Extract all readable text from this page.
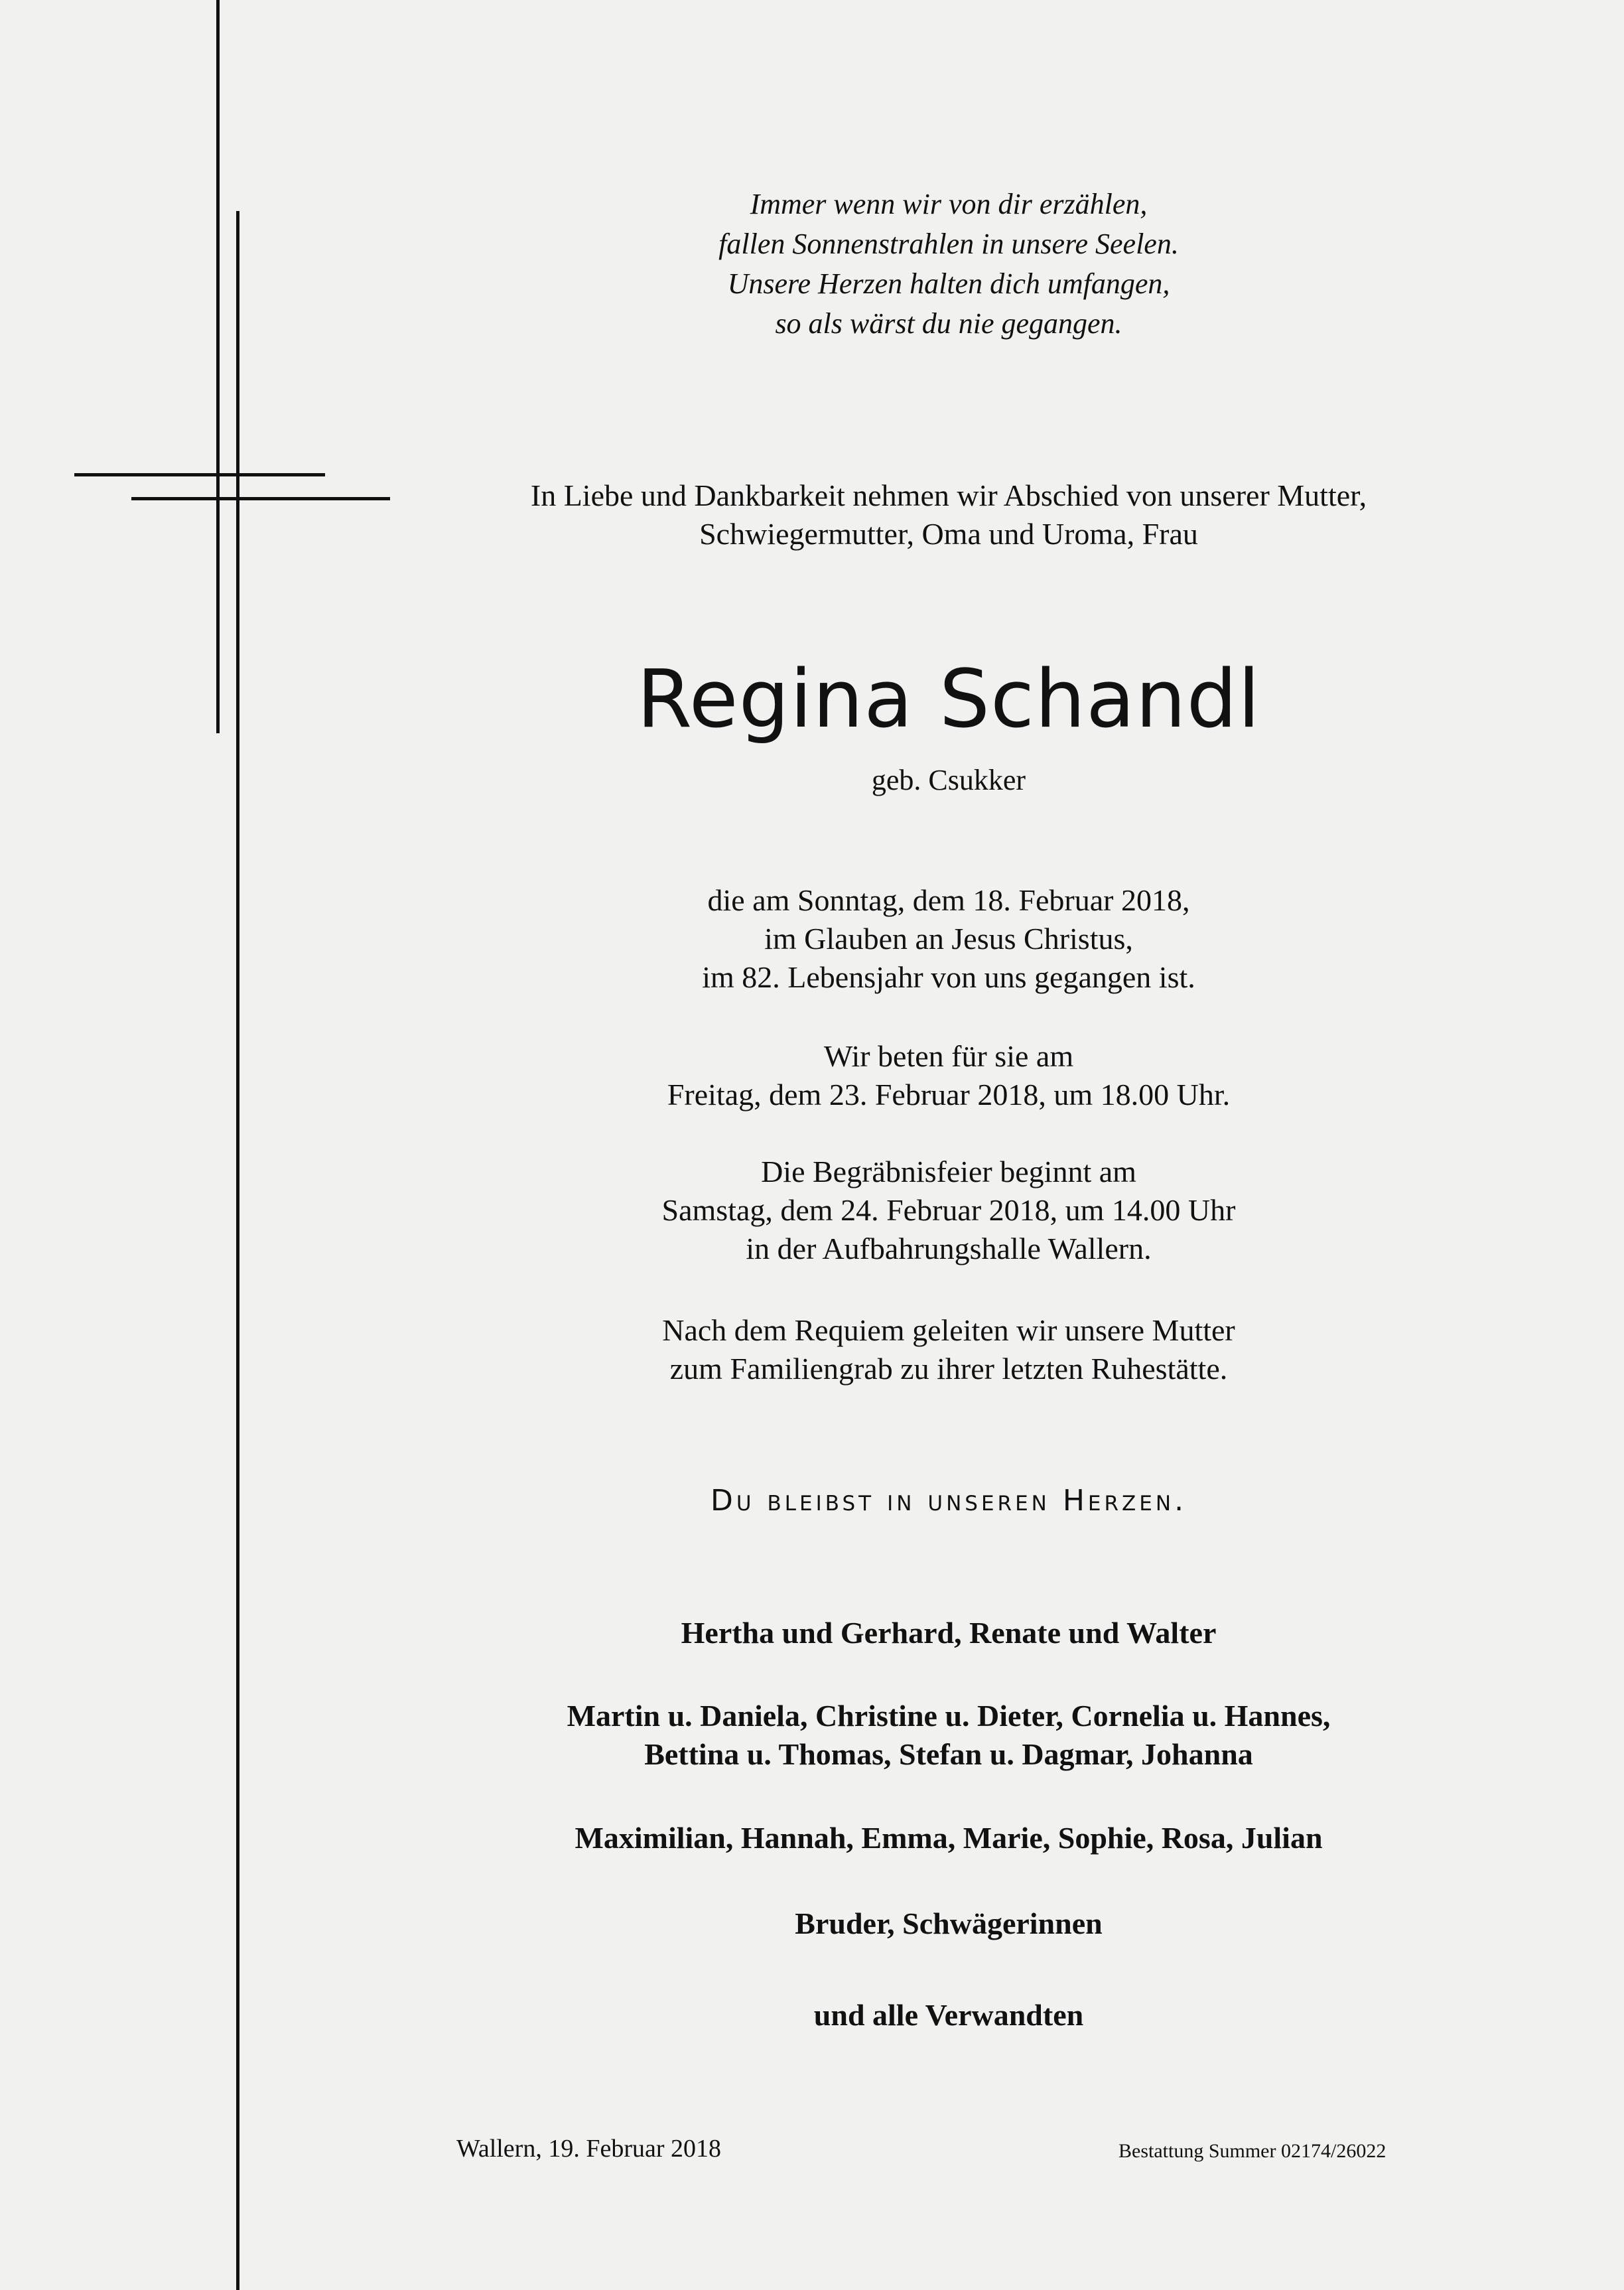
Immer wenn wir von dir erzählen,
fallen Sonnenstrahlen in unsere Seelen.
Unsere Herzen halten dich umfangen,
so als wärst du nie gegangen.
In Liebe und Dankbarkeit nehmen wir Abschied von unserer Mutter,
Schwiegermutter, Oma und Uroma, Frau
Regina Schandl
geb. Csukker
die am Sonntag, dem 18. Februar 2018,
im Glauben an Jesus Christus,
im 82. Lebensjahr von uns gegangen ist.
Wir beten für sie am
Freitag, dem 23. Februar 2018, um 18.00 Uhr.
Die Begräbnisfeier beginnt am
Samstag, dem 24. Februar 2018, um 14.00 Uhr
in der Aufbahrungshalle Wallern.
Nach dem Requiem geleiten wir unsere Mutter
zum Familiengrab zu ihrer letzten Ruhestätte.
Du bleibst in unseren Herzen.
Hertha und Gerhard, Renate und Walter
Martin u. Daniela, Christine u. Dieter, Cornelia u. Hannes,
Bettina u. Thomas, Stefan u. Dagmar, Johanna
Maximilian, Hannah, Emma, Marie, Sophie, Rosa, Julian
Bruder, Schwägerinnen
und alle Verwandten
Wallern, 19. Februar 2018	Bestattung Summer 02174/26022
